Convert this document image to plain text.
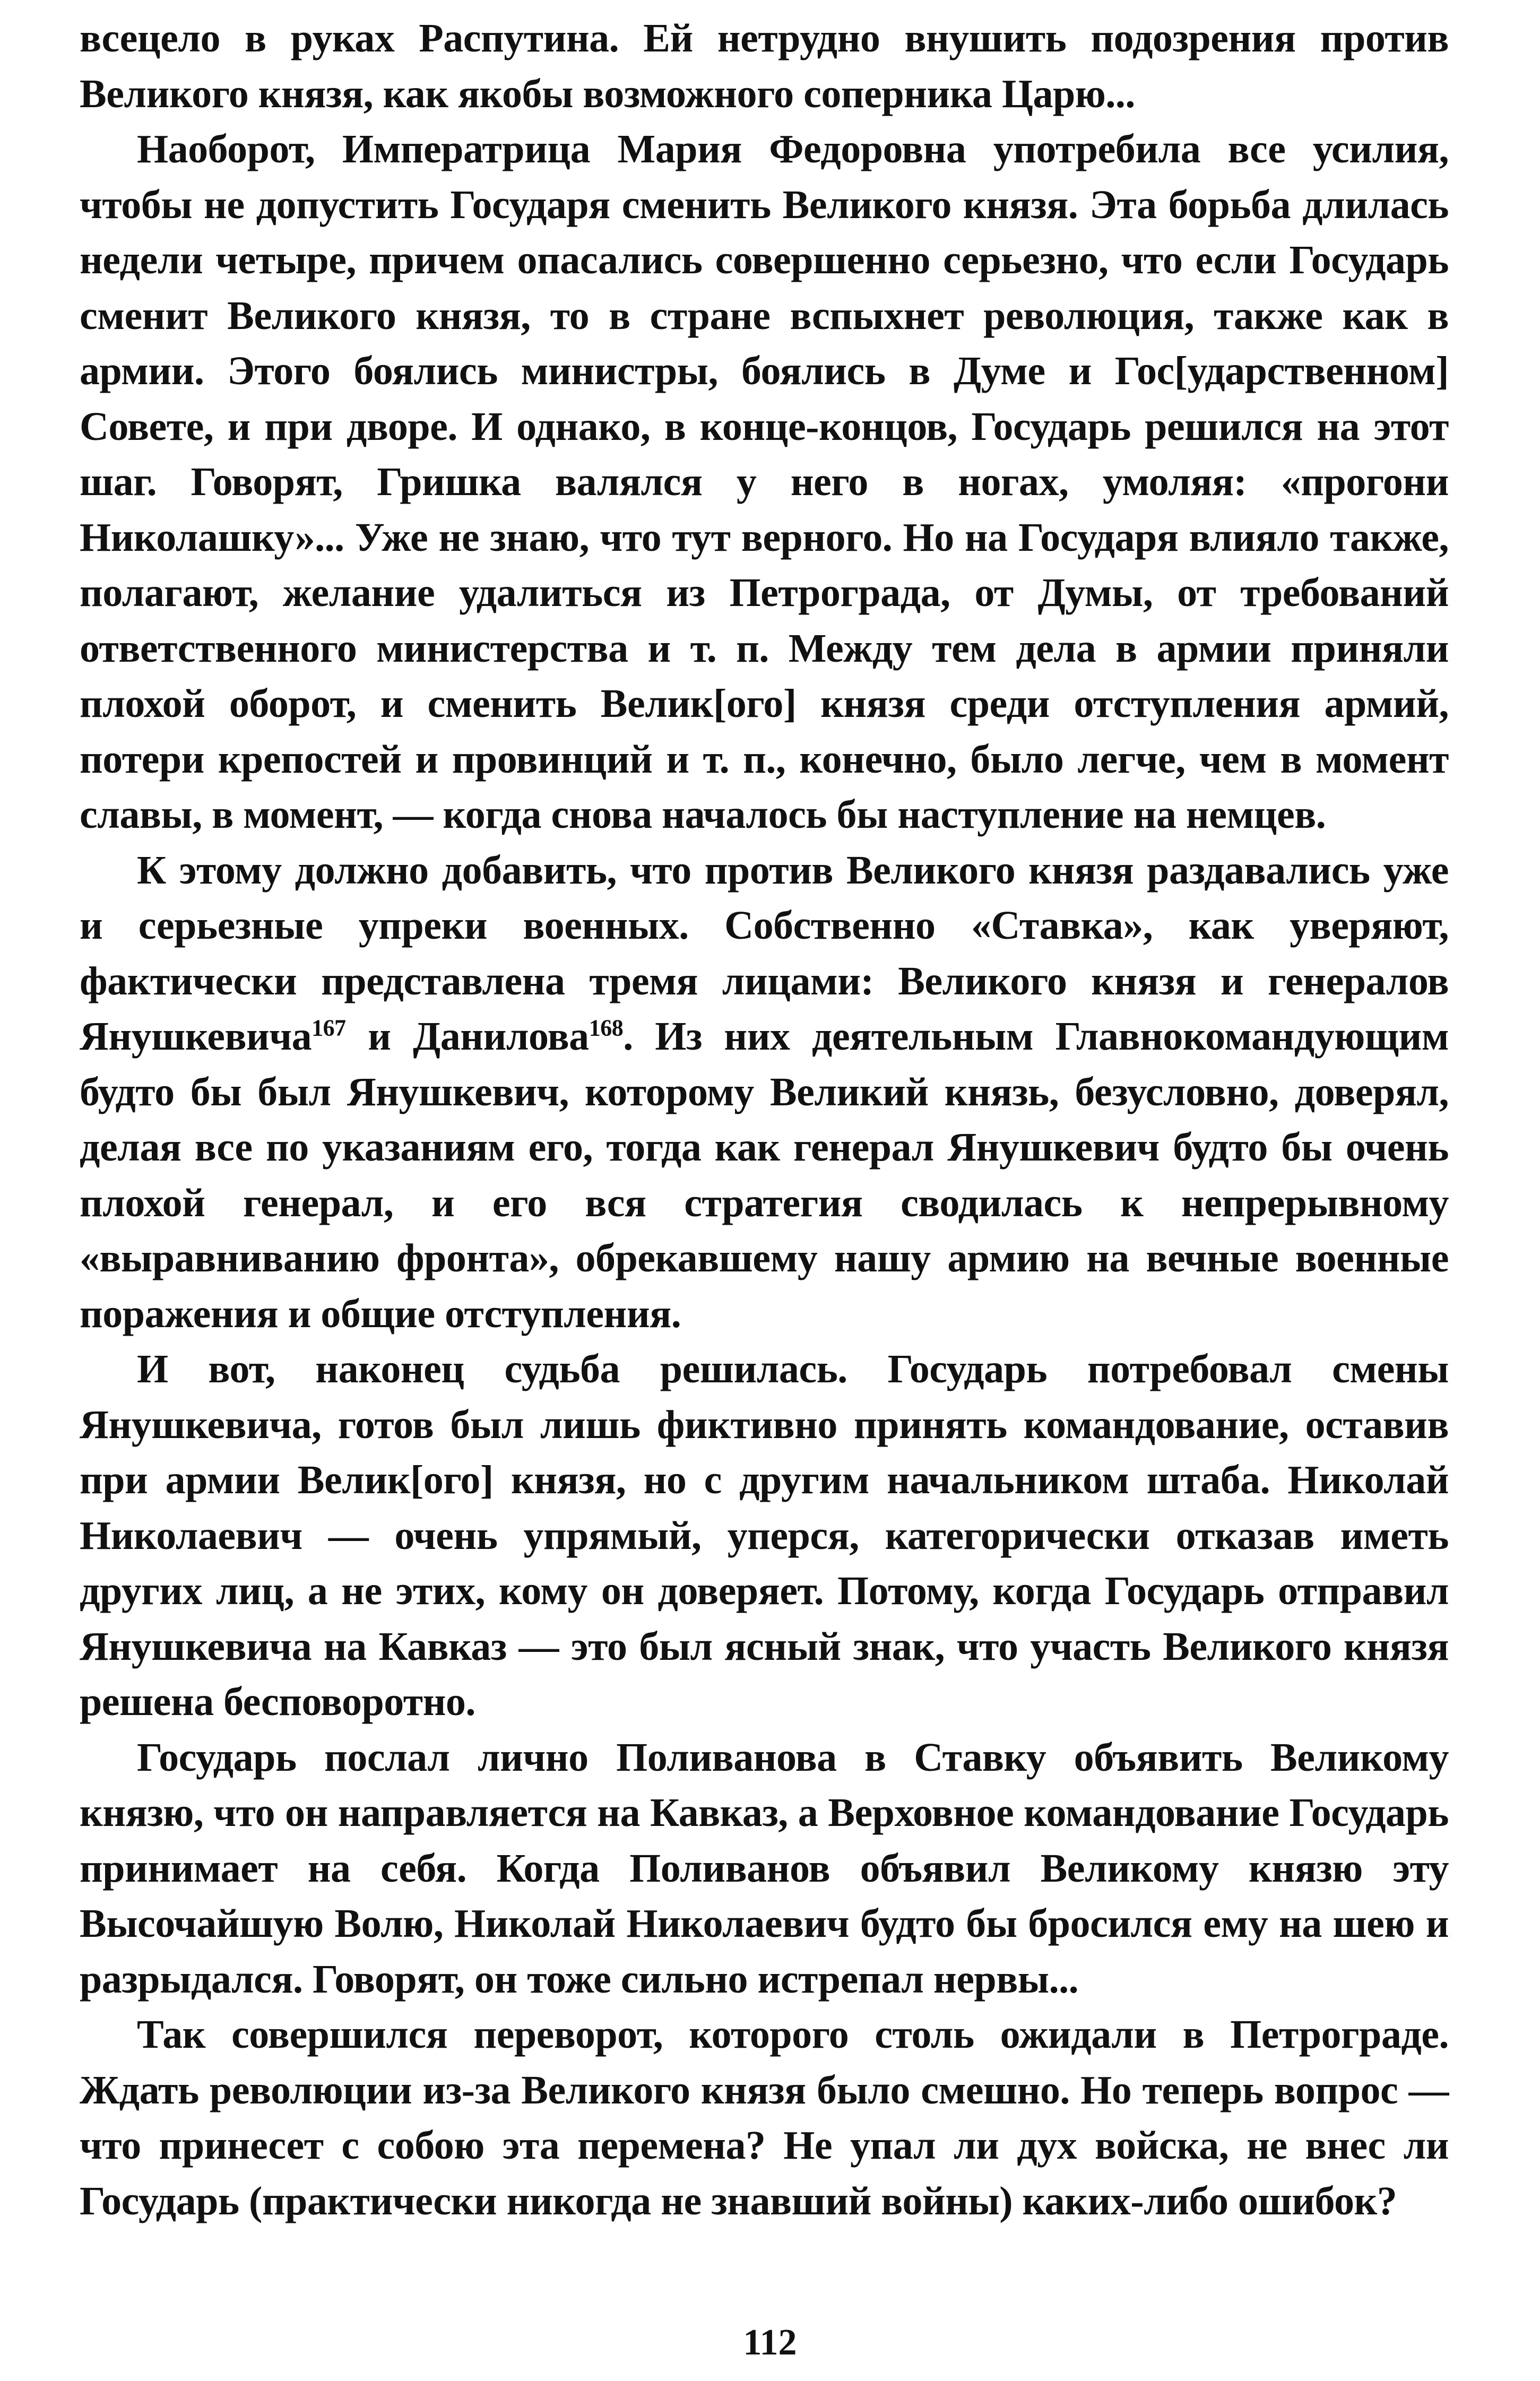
всецело в руках Распутина. Ей нетрудно внушить подозрения против Великого князя, как якобы возможного соперника Царю...

Наоборот, Императрица Мария Федоровна употребила все усилия, чтобы не допустить Государя сменить Великого князя. Эта борьба длилась недели четыре, причем опасались совершенно серьезно, что если Государь сменит Великого князя, то в стране вспыхнет революция, также как в армии. Этого боялись министры, боялись в Думе и Гос[ударственном] Совете, и при дворе. И однако, в конце-концов, Государь решился на этот шаг. Говорят, Гришка валялся у него в ногах, умоляя: «прогони Николашку»... Уже не знаю, что тут верного. Но на Государя влияло также, полагают, желание удалиться из Петрограда, от Думы, от требований ответственного министерства и т. п. Между тем дела в армии приняли плохой оборот, и сменить Велик[ого] князя среди отступления армий, потери крепостей и провинций и т. п., конечно, было легче, чем в момент славы, в момент, — когда снова началось бы наступление на немцев.

К этому должно добавить, что против Великого князя раздавались уже и серьезные упреки военных. Собственно «Ставка», как уверяют, фактически представлена тремя лицами: Великого князя и генералов Янушкевича$^{167}$ и Данилова$^{168}$. Из них деятельным Главнокомандующим будто бы был Янушкевич, которому Великий князь, безусловно, доверял, делая все по указаниям его, тогда как генерал Янушкевич будто бы очень плохой генерал, и его вся стратегия сводилась к непрерывному «выравниванию фронта», обрекавшему нашу армию на вечные военные поражения и общие отступления.

И вот, наконец судьба решилась. Государь потребовал смены Янушкевича, готов был лишь фиктивно принять командование, оставив при армии Велик[ого] князя, но с другим начальником штаба. Николай Николаевич — очень упрямый, уперся, категорически отказав иметь других лиц, а не этих, кому он доверяет. Потому, когда Государь отправил Янушкевича на Кавказ — это был ясный знак, что участь Великого князя решена бесповоротно.

Государь послал лично Поливанова в Ставку объявить Великому князю, что он направляется на Кавказ, а Верховное командование Государь принимает на себя. Когда Поливанов объявил Великому князю эту Высочайшую Волю, Николай Николаевич будто бы бросился ему на шею и разрыдался. Говорят, он тоже сильно истрепал нервы...

Так совершился переворот, которого столь ожидали в Петрограде. Ждать революции из-за Великого князя было смешно. Но теперь вопрос — что принесет с собою эта перемена? Не упал ли дух войска, не внес ли Государь (практически никогда не знавший войны) каких-либо ошибок?

112
